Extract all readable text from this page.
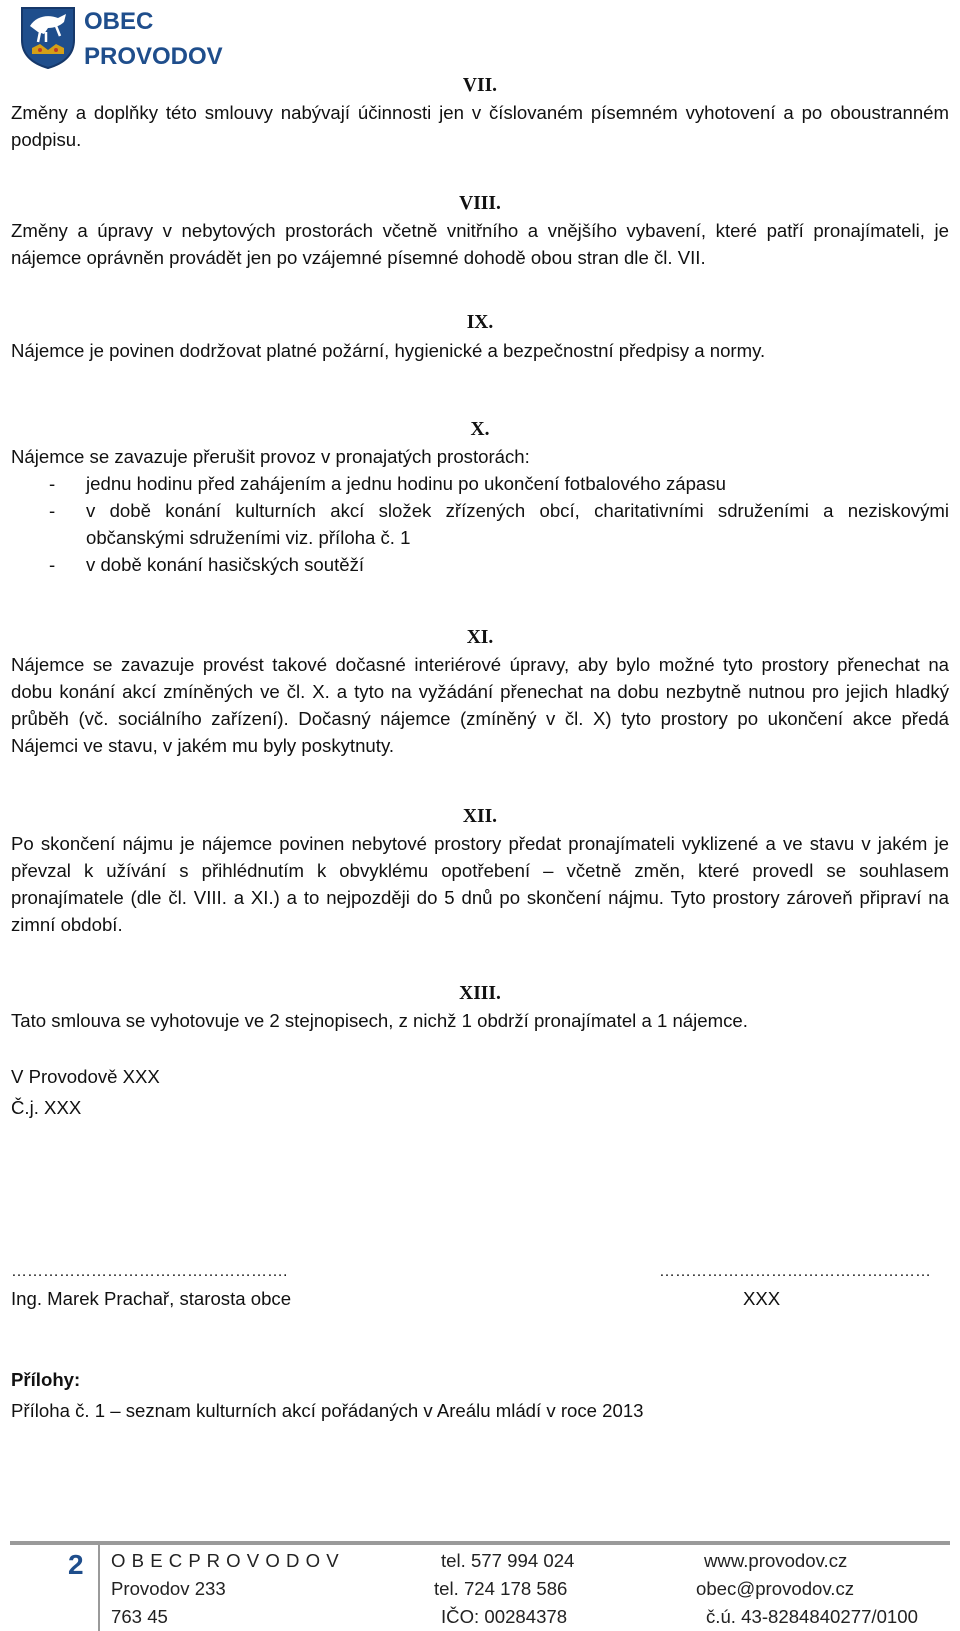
OBEC
PROVODOV
VII.
Změny a doplňky této smlouvy nabývají účinnosti jen v číslovaném písemném vyhotovení a po oboustranném podpisu.
VIII.
Změny a úpravy v nebytových prostorách včetně vnitřního a vnějšího vybavení, které patří pronajímateli, je nájemce oprávněn provádět jen po vzájemné písemné dohodě obou stran dle čl. VII.
IX.
Nájemce je povinen dodržovat platné požární, hygienické a bezpečnostní předpisy a normy.
X.
Nájemce se zavazuje přerušit provoz v pronajatých prostorách:
- jednu hodinu před zahájením a jednu hodinu po ukončení fotbalového zápasu
- v době konání kulturních akcí složek zřízených obcí, charitativními sdruženími a neziskovými občanskými sdruženími viz. příloha č. 1
- v době konání hasičských soutěží
XI.
Nájemce se zavazuje provést takové dočasné interiérové úpravy, aby bylo možné tyto prostory přenechat na dobu konání akcí zmíněných ve čl. X. a tyto na vyžádání přenechat na dobu nezbytně nutnou pro jejich hladký průběh (vč. sociálního zařízení). Dočasný nájemce (zmíněný v čl. X) tyto prostory po ukončení akce předá Nájemci ve stavu, v jakém mu byly poskytnuty.
XII.
Po skončení nájmu je nájemce povinen nebytové prostory předat pronajímateli vyklizené a ve stavu v jakém je převzal k užívání s přihlédnutím k obvyklému opotřebení – včetně změn, které provedl se souhlasem pronajímatele (dle čl. VIII. a XI.) a to nejpozději do 5 dnů po skončení nájmu. Tyto prostory zároveň připraví na zimní období.
XIII.
Tato smlouva se vyhotovuje ve 2 stejnopisech, z nichž 1 obdrží pronajímatel a 1 nájemce.
V Provodově XXX
Č.j. XXX
…………………………………………….
Ing. Marek Prachař, starosta obce
……………………………………………
XXX
Přílohy:
Příloha č. 1 – seznam kulturních akcí pořádaných v Areálu mládí v roce 2013
2 O B E C P R O V O D O V
Provodov 233
763 45
tel. 577 994 024
tel. 724 178 586
IČO: 00284378
www.provodov.cz
obec@provodov.cz
č.ú. 43-8284840277/0100
